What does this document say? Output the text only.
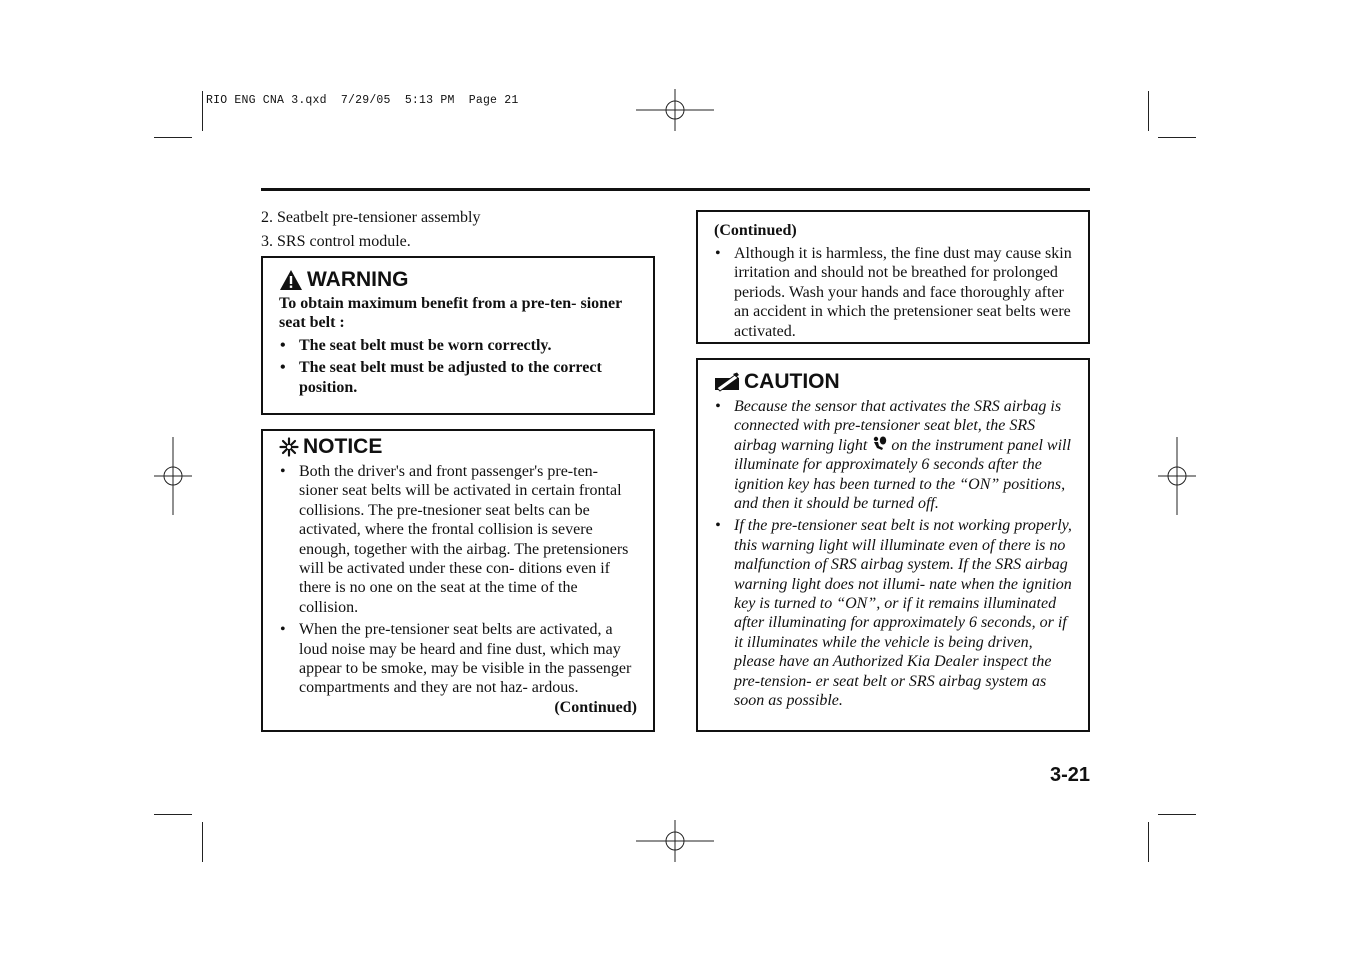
RIO ENG CNA 3.qxd  7/29/05  5:13 PM  Page 21
2. Seatbelt pre-tensioner assembly
3. SRS control module.
WARNING

To obtain maximum benefit from a pre-ten- sioner seat belt :

• The seat belt must be worn correctly.
• The seat belt must be adjusted to the correct position.
NOTICE
• Both the driver's and front passenger's pre-ten- sioner seat belts will be activated in certain frontal collisions. The pre-tnesioner seat belts can be activated, where the frontal collision is severe enough, together with the airbag. The pretensioners will be activated under these con- ditions even if there is no one on the seat at the time of the collision.
• When the pre-tensioner seat belts are activated, a loud noise may be heard and fine dust, which may appear to be smoke, may be visible in the passenger compartments and they are not haz- ardous.
(Continued)
(Continued)
• Although it is harmless, the fine dust may cause skin irritation and should not be breathed for prolonged periods. Wash your hands and face thoroughly after an accident in which the pretensioner seat belts were activated.
CAUTION
• Because the sensor that activates the SRS airbag is connected with pre-tensioner seat blet, the SRS airbag warning light on the instrument panel will illuminate for approximately 6 seconds after the ignition key has been turned to the “ON” positions, and then it should be turned off.
• If the pre-tensioner seat belt is not working properly, this warning light will illuminate even of there is no malfunction of SRS airbag system. If the SRS airbag warning light does not illumi- nate when the ignition key is turned to “ON”, or if it remains illuminated after illuminating for approximately 6 seconds, or if it illuminates while the vehicle is being driven, please have an Authorized Kia Dealer inspect the pre-tension- er seat belt or SRS airbag system as soon as possible.
3-21
